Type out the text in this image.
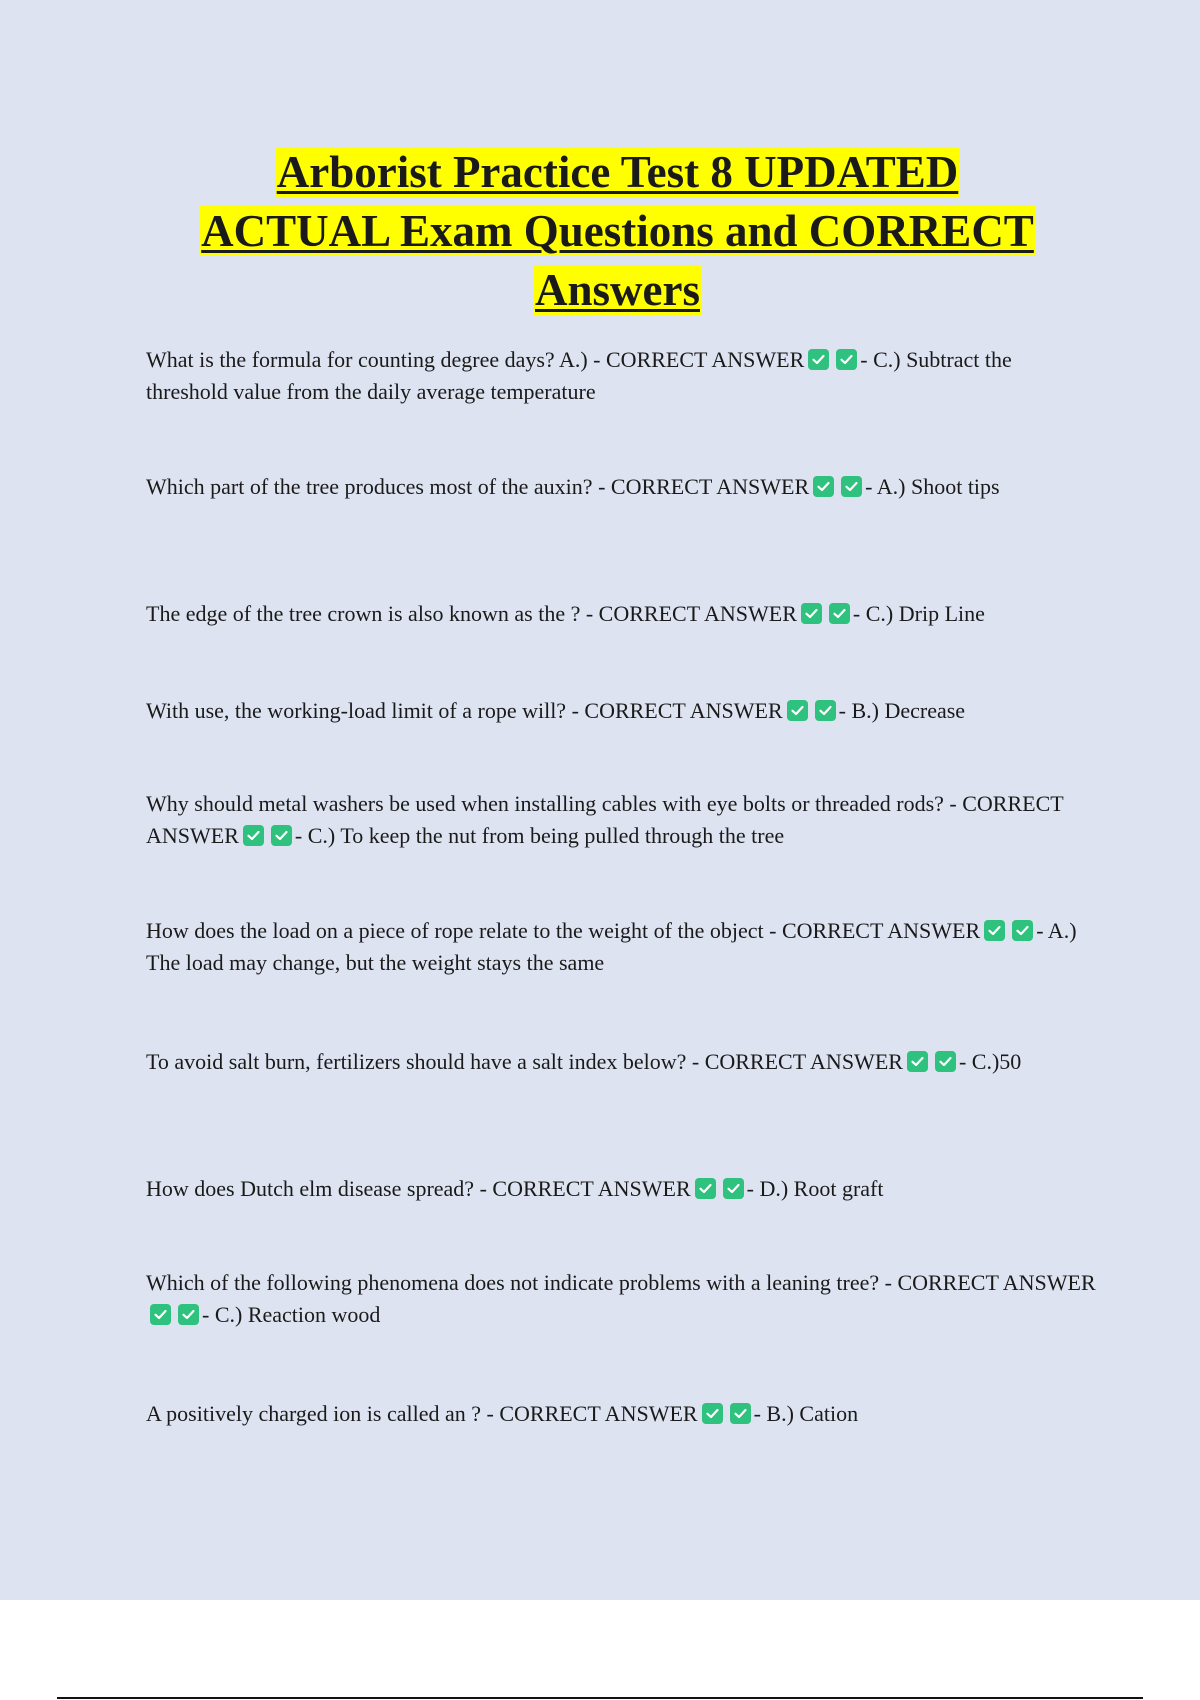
Arborist Practice Test 8 UPDATED
ACTUAL Exam Questions and CORRECT
Answers

What is the formula for counting degree days? A.) - CORRECT ANSWER	- C.) Subtract the threshold value from the daily average temperature

Which part of the tree produces most of the auxin? - CORRECT ANSWER	- A.) Shoot tips

The edge of the tree crown is also known as the ? - CORRECT ANSWER	- C.) Drip Line

With use, the working-load limit of a rope will? - CORRECT ANSWER	- B.) Decrease

Why should metal washers be used when installing cables with eye bolts or threaded rods? - CORRECT ANSWER	- C.) To keep the nut from being pulled through the tree

How does the load on a piece of rope relate to the weight of the object - CORRECT ANSWER	- A.) The load may change, but the weight stays the same

To avoid salt burn, fertilizers should have a salt index below? - CORRECT ANSWER	- C.)50

How does Dutch elm disease spread? - CORRECT ANSWER	- D.) Root graft

Which of the following phenomena does not indicate problems with a leaning tree? - CORRECT ANSWER
- C.) Reaction wood

A positively charged ion is called an ? - CORRECT ANSWER	- B.) Cation
